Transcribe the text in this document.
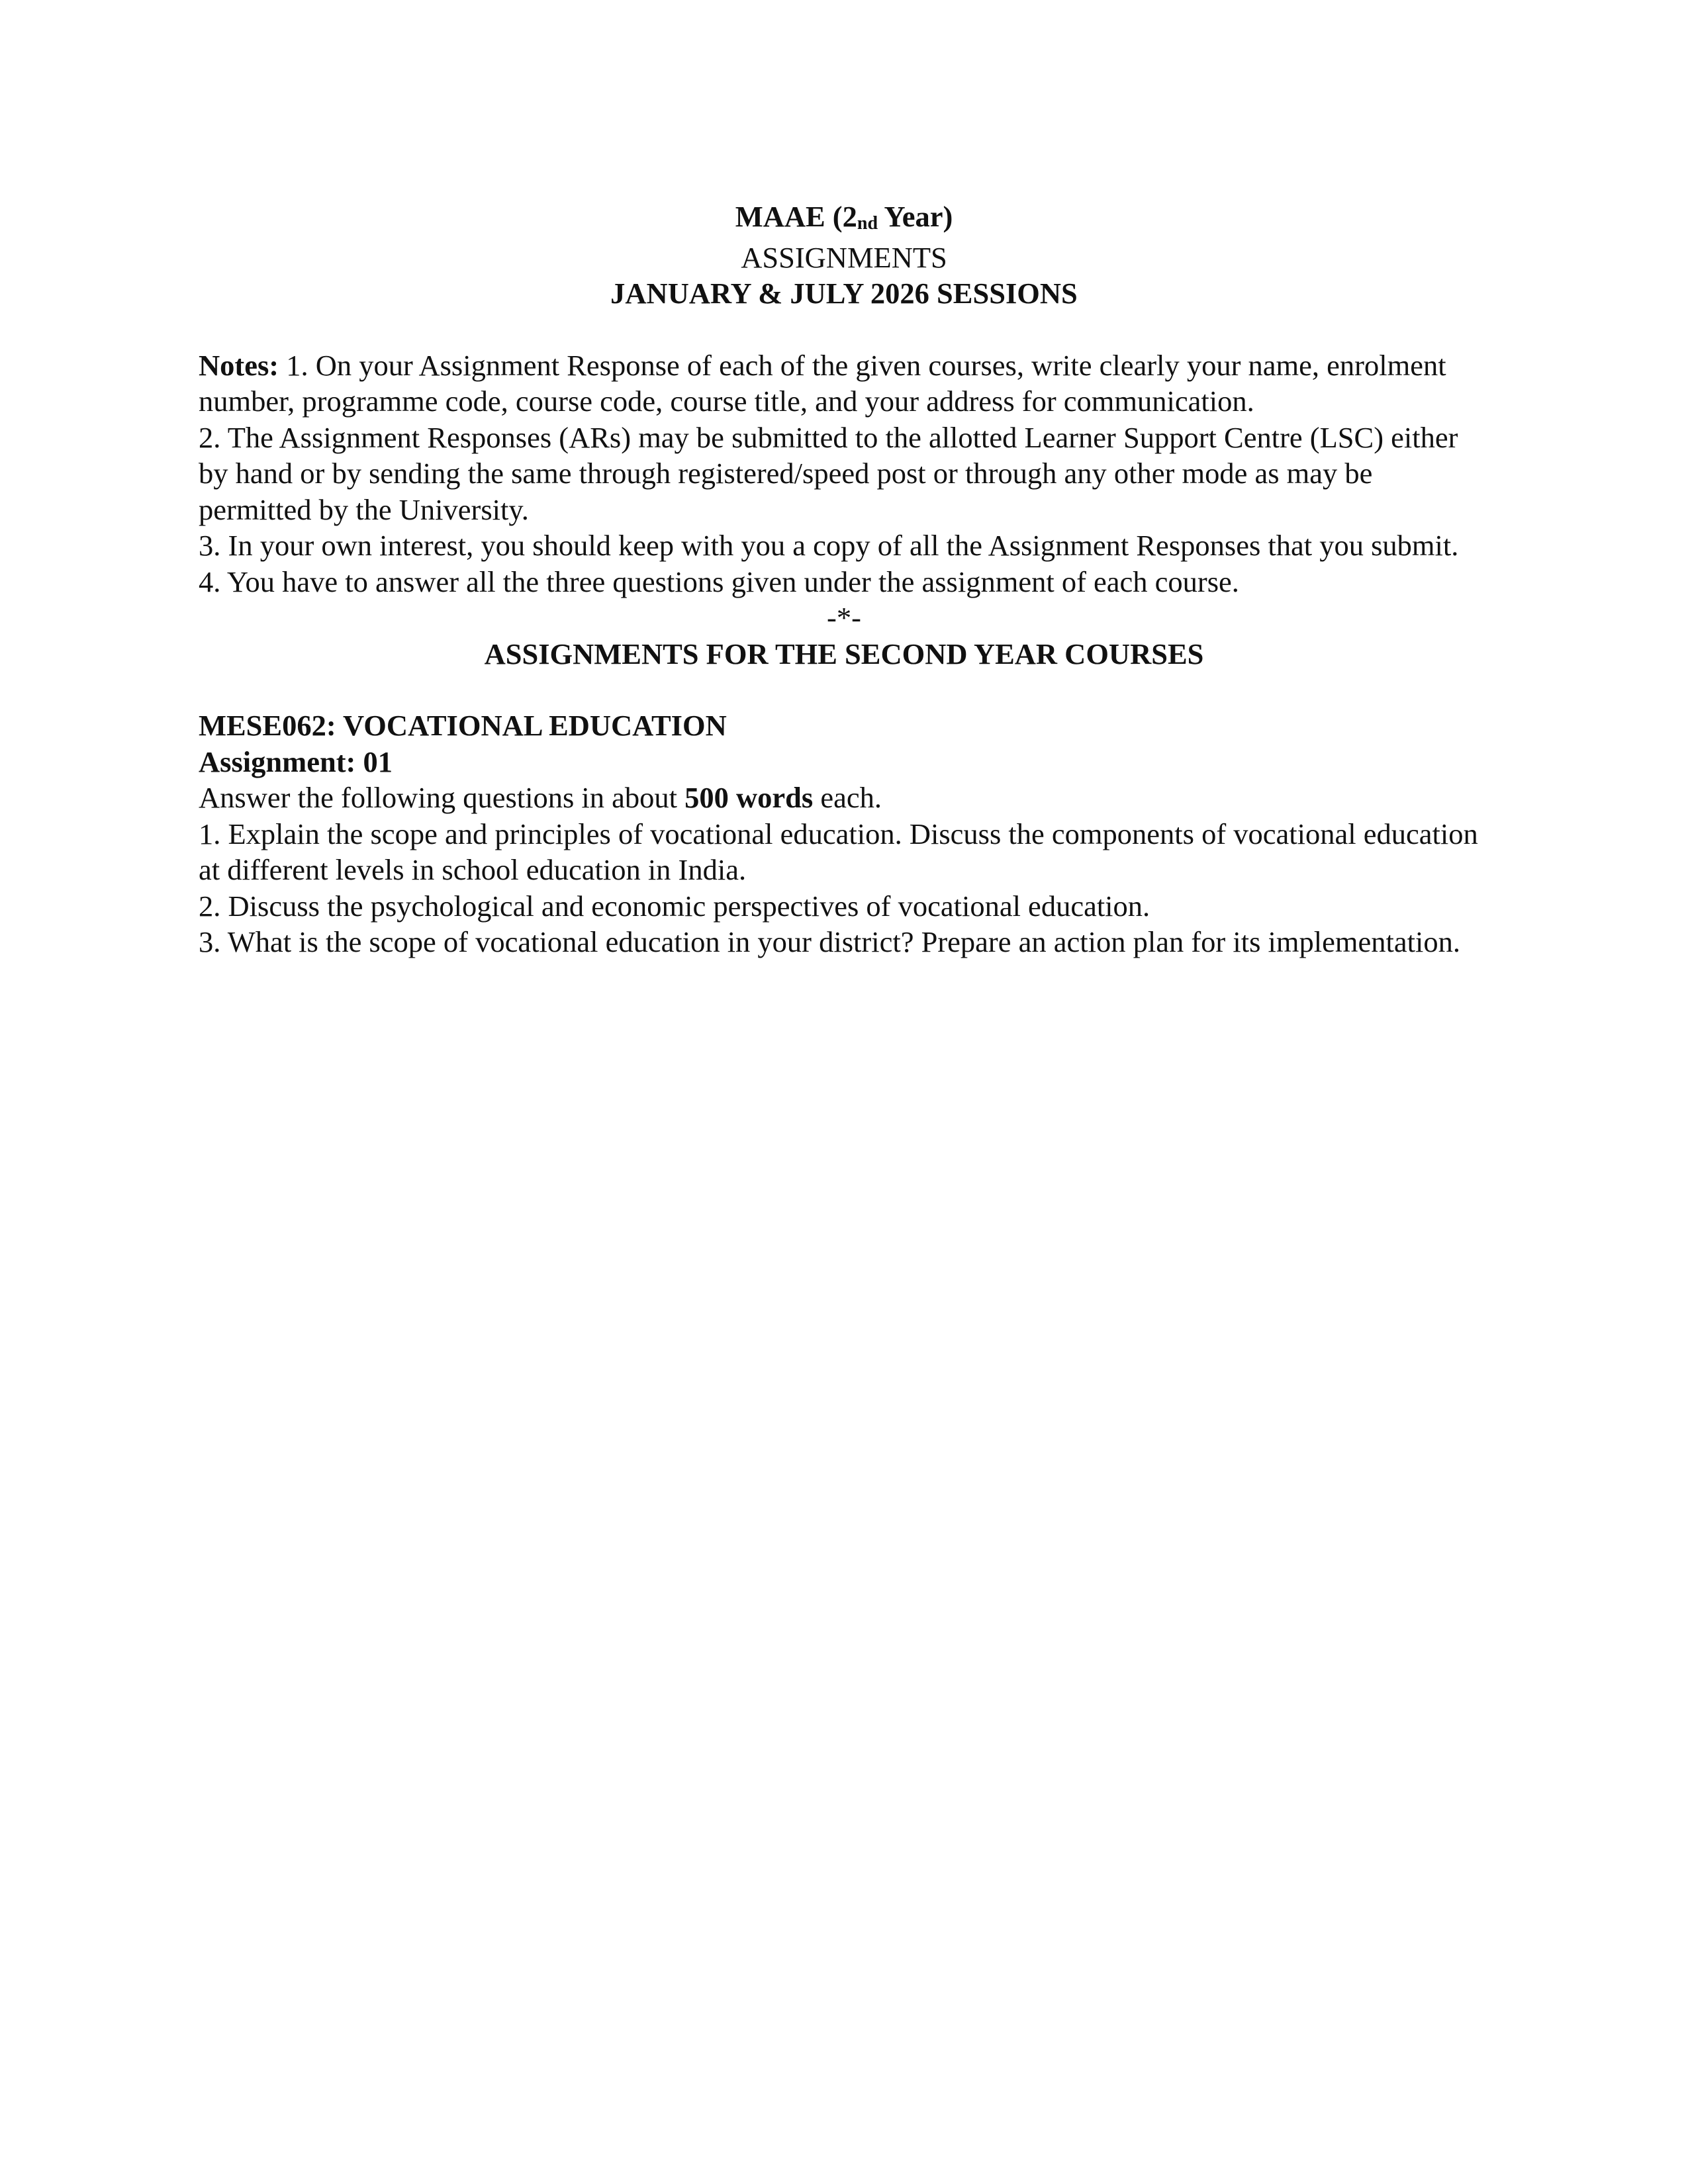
MAAE (2nd Year)

ASSIGNMENTS

JANUARY & JULY 2026 SESSIONS

Notes: 1. On your Assignment Response of each of the given courses, write clearly your name, enrolment number, programme code, course code, course title, and your address for communication.

2. The Assignment Responses (ARs) may be submitted to the allotted Learner Support Centre (LSC) either by hand or by sending the same through registered/speed post or through any other mode as may be permitted by the University.

3. In your own interest, you should keep with you a copy of all the Assignment Responses that you submit.

4. You have to answer all the three questions given under the assignment of each course.

-*-

ASSIGNMENTS FOR THE SECOND YEAR COURSES

MESE062: VOCATIONAL EDUCATION

Assignment: 01

Answer the following questions in about 500 words each.

1. Explain the scope and principles of vocational education. Discuss the components of vocational education at different levels in school education in India.

2. Discuss the psychological and economic perspectives of vocational education.

3. What is the scope of vocational education in your district? Prepare an action plan for its implementation.
